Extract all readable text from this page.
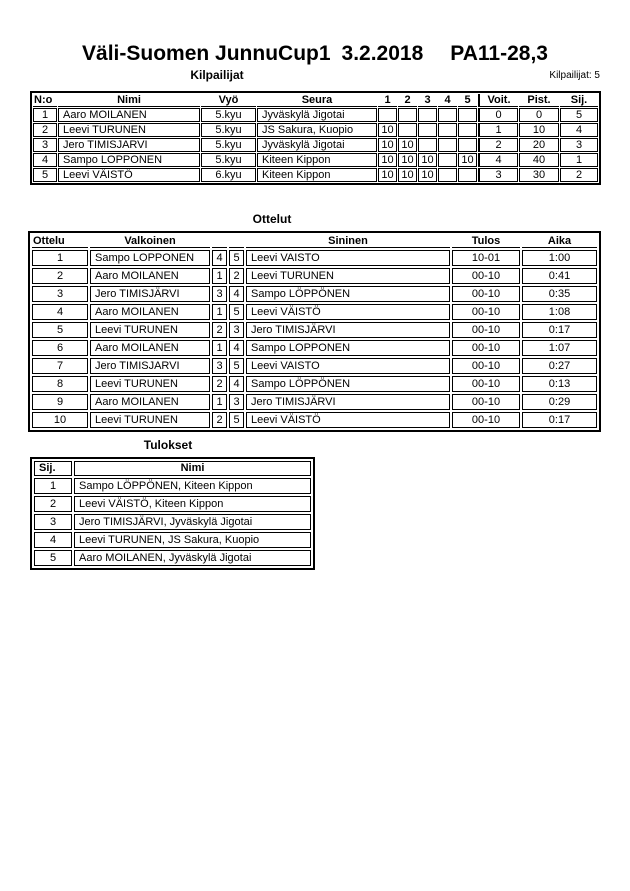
Väli-Suomen JunnuCup1 3.2.2018 PA11-28,3
Kilpailijat	Kilpailijat: 5
N:o	Nimi	Vyö	Seura	1	2	3	4	5	Voit.	Pist.	Sij.
1	Aaro MOILANEN	5.kyu	Jyväskylä Jigotai						0	0	5
2	Leevi TURUNEN	5.kyu	JS Sakura, Kuopio	10					1	10	4
3	Jero TIMISJARVI	5.kyu	Jyväskylä Jigotai	10	10				2	20	3
4	Sampo LOPPONEN	5.kyu	Kiteen Kippon	10	10	10		10	4	40	1
5	Leevi VÄISTÖ	6.kyu	Kiteen Kippon	10	10	10			3	30	2
Ottelut
Ottelu	Valkoinen			Sininen	Tulos	Aika
1	Sampo LOPPONEN	4	5	Leevi VAISTO	10-01	1:00
2	Aaro MOILANEN	1	2	Leevi TURUNEN	00-10	0:41
3	Jero TIMISJÄRVI	3	4	Sampo LÖPPÖNEN	00-10	0:35
4	Aaro MOILANEN	1	5	Leevi VÄISTÖ	00-10	1:08
5	Leevi TURUNEN	2	3	Jero TIMISJÄRVI	00-10	0:17
6	Aaro MOILANEN	1	4	Sampo LOPPONEN	00-10	1:07
7	Jero TIMISJARVI	3	5	Leevi VAISTO	00-10	0:27
8	Leevi TURUNEN	2	4	Sampo LÖPPÖNEN	00-10	0:13
9	Aaro MOILANEN	1	3	Jero TIMISJÄRVI	00-10	0:29
10	Leevi TURUNEN	2	5	Leevi VÄISTÖ	00-10	0:17
Tulokset
Sij.	Nimi
1	Sampo LÖPPÖNEN, Kiteen Kippon
2	Leevi VÄISTÖ, Kiteen Kippon
3	Jero TIMISJÄRVI, Jyväskylä Jigotai
4	Leevi TURUNEN, JS Sakura, Kuopio
5	Aaro MOILANEN, Jyväskylä Jigotai
